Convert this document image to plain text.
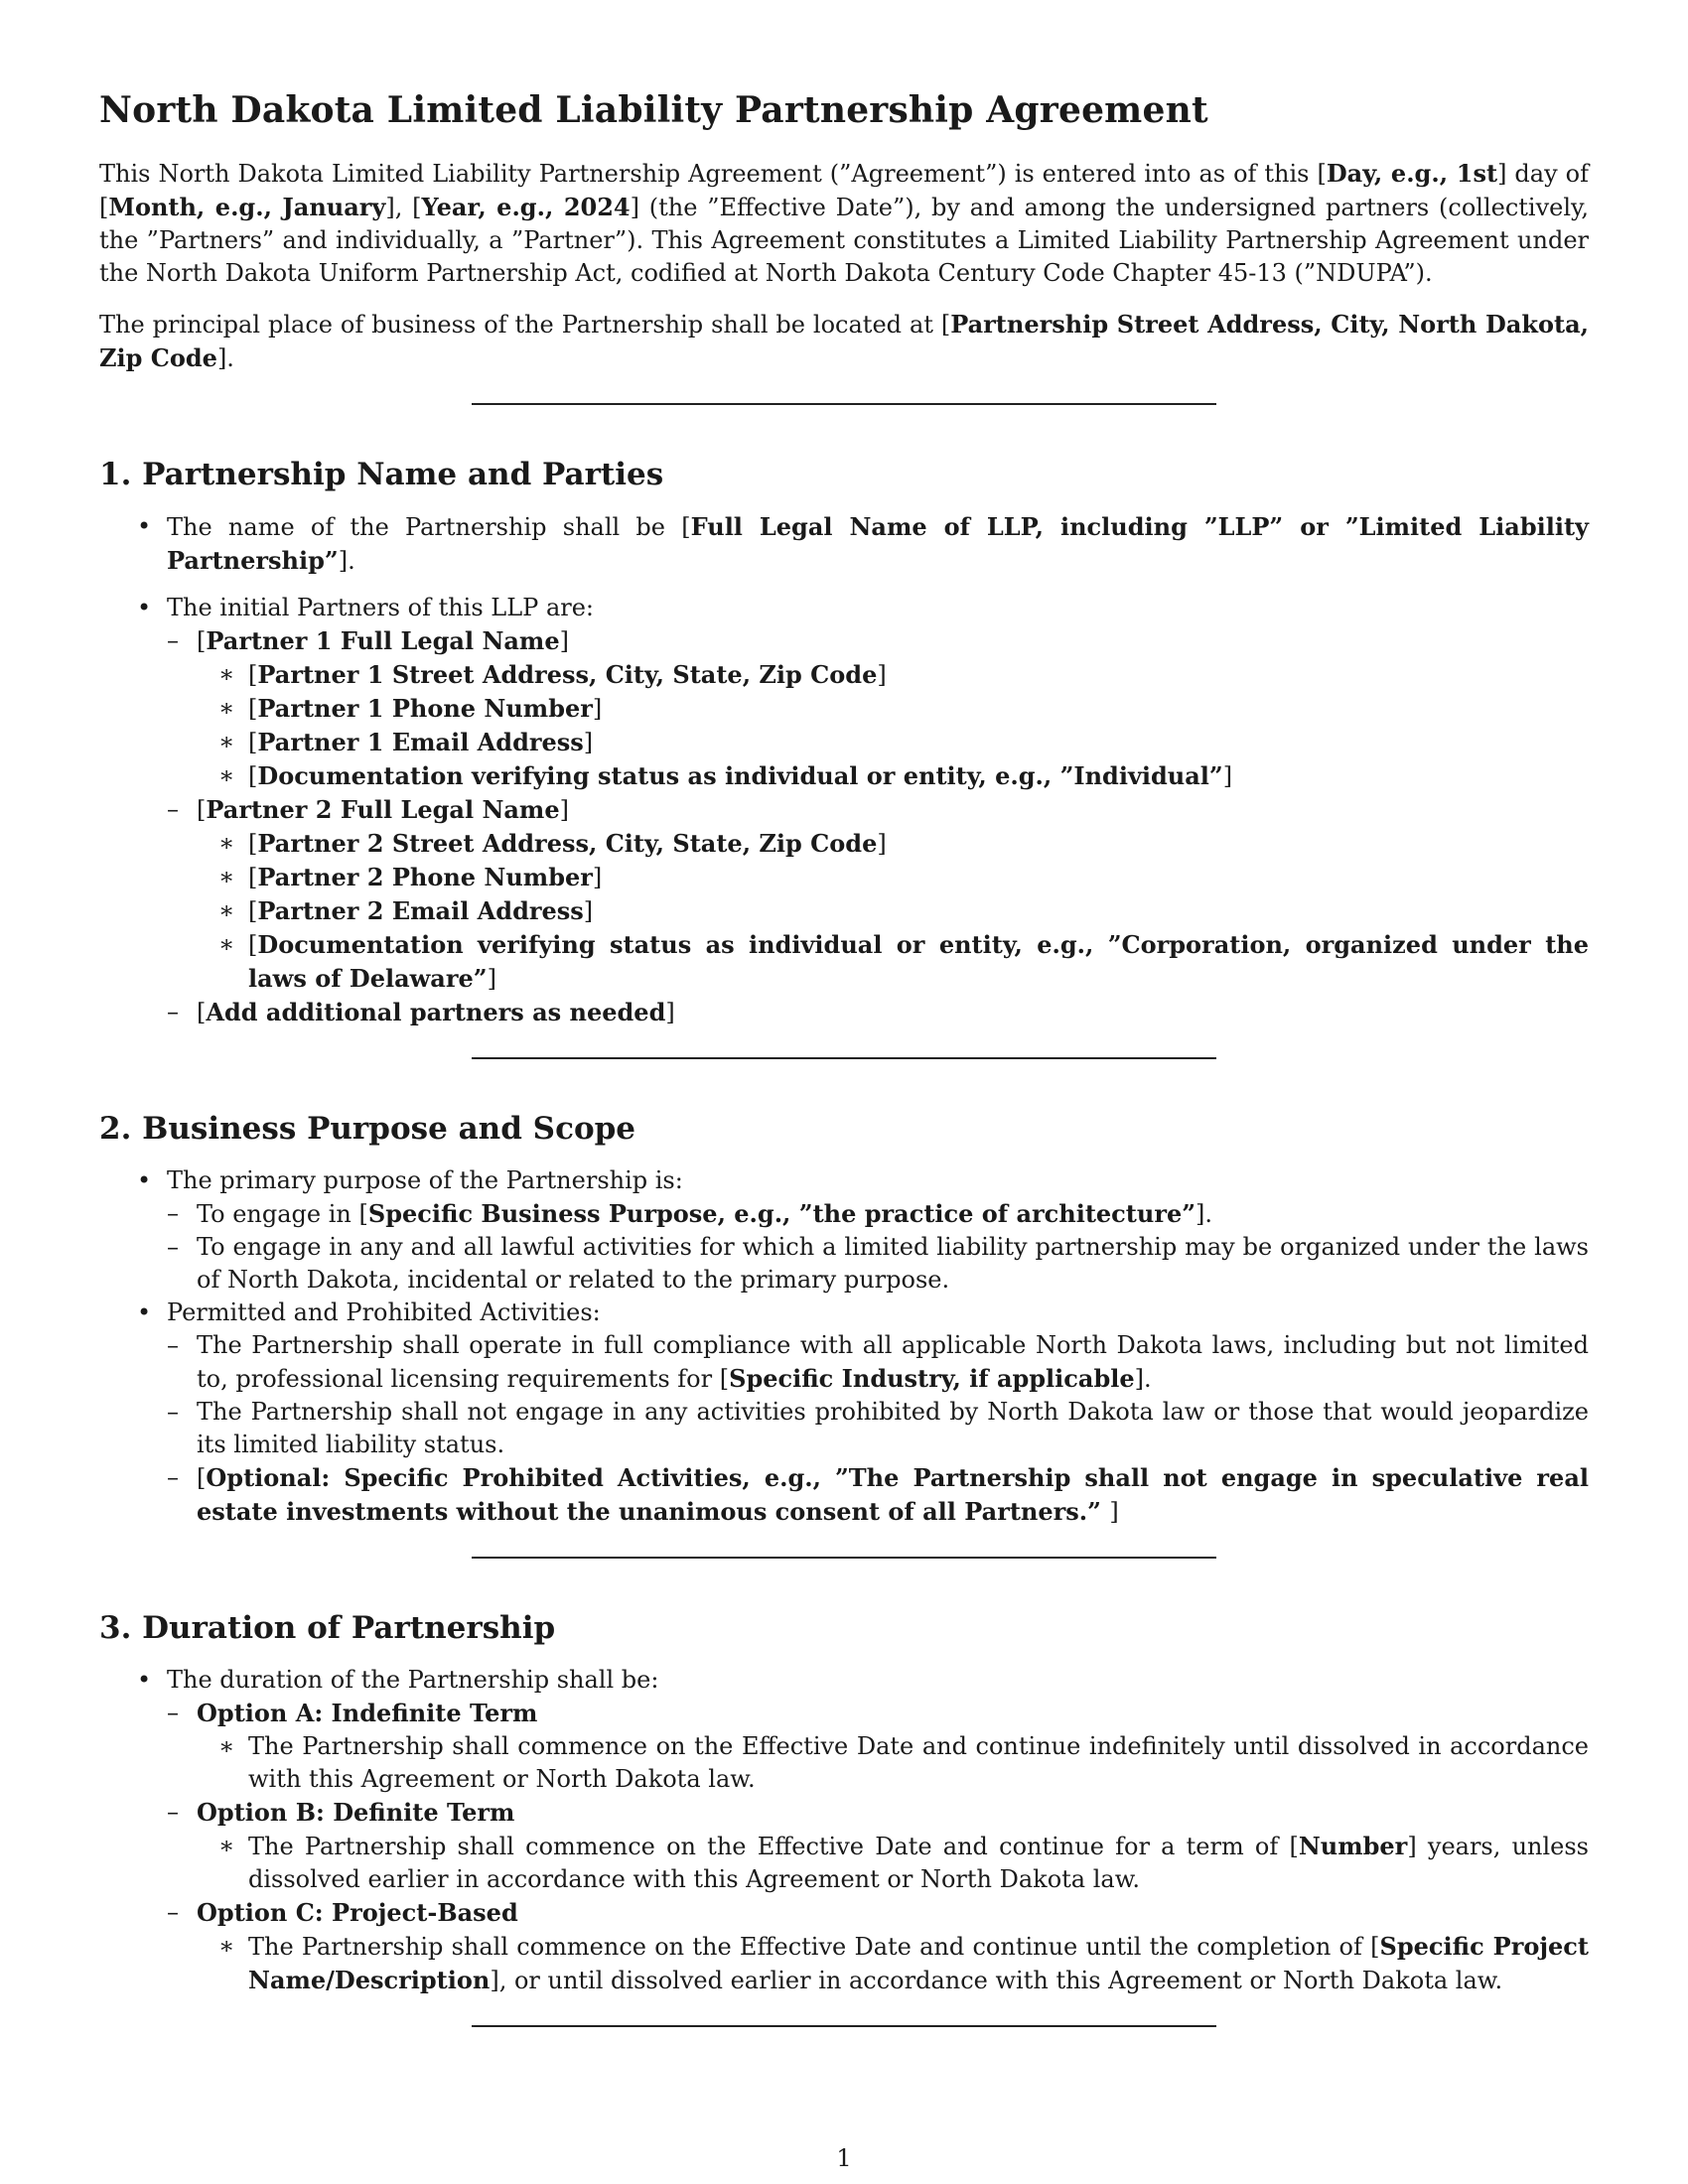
North Dakota Limited Liability Partnership Agreement

This North Dakota Limited Liability Partnership Agreement (”Agreement”) is entered into as of this [Day, e.g., 1st] day of [Month, e.g., January], [Year, e.g., 2024] (the ”Effective Date”), by and among the undersigned partners (collectively, the ”Partners” and individually, a ”Partner”). This Agreement constitutes a Limited Liability Partnership Agreement under the North Dakota Uniform Partnership Act, codified at North Dakota Century Code Chapter 45-13 (”NDUPA”).

The principal place of business of the Partnership shall be located at [Partnership Street Address, City, North Dakota, Zip Code].

1. Partnership Name and Parties
• The name of the Partnership shall be [Full Legal Name of LLP, including ”LLP” or ”Limited Liability Partnership”].
• The initial Partners of this LLP are:
– [Partner 1 Full Legal Name]
∗ [Partner 1 Street Address, City, State, Zip Code]
∗ [Partner 1 Phone Number]
∗ [Partner 1 Email Address]
∗ [Documentation verifying status as individual or entity, e.g., ”Individual”]
– [Partner 2 Full Legal Name]
∗ [Partner 2 Street Address, City, State, Zip Code]
∗ [Partner 2 Phone Number]
∗ [Partner 2 Email Address]
∗ [Documentation verifying status as individual or entity, e.g., ”Corporation, organized under the laws of Delaware”]
– [Add additional partners as needed]
2. Business Purpose and Scope
• The primary purpose of the Partnership is:
– To engage in [Specific Business Purpose, e.g., ”the practice of architecture”].
– To engage in any and all lawful activities for which a limited liability partnership may be organized under the laws of North Dakota, incidental or related to the primary purpose.
• Permitted and Prohibited Activities:
– The Partnership shall operate in full compliance with all applicable North Dakota laws, including but not limited to, professional licensing requirements for [Specific Industry, if applicable].
– The Partnership shall not engage in any activities prohibited by North Dakota law or those that would jeopardize its limited liability status.
– [Optional: Specific Prohibited Activities, e.g., ”The Partnership shall not engage in speculative real estate investments without the unanimous consent of all Partners.” ]
3. Duration of Partnership
• The duration of the Partnership shall be:
– Option A: Indefinite Term
∗ The Partnership shall commence on the Effective Date and continue indefinitely until dissolved in accordance with this Agreement or North Dakota law.
– Option B: Definite Term
∗ The Partnership shall commence on the Effective Date and continue for a term of [Number] years, unless dissolved earlier in accordance with this Agreement or North Dakota law.
– Option C: Project-Based
∗ The Partnership shall commence on the Effective Date and continue until the completion of [Specific Project Name/Description], or until dissolved earlier in accordance with this Agreement or North Dakota law.
1
